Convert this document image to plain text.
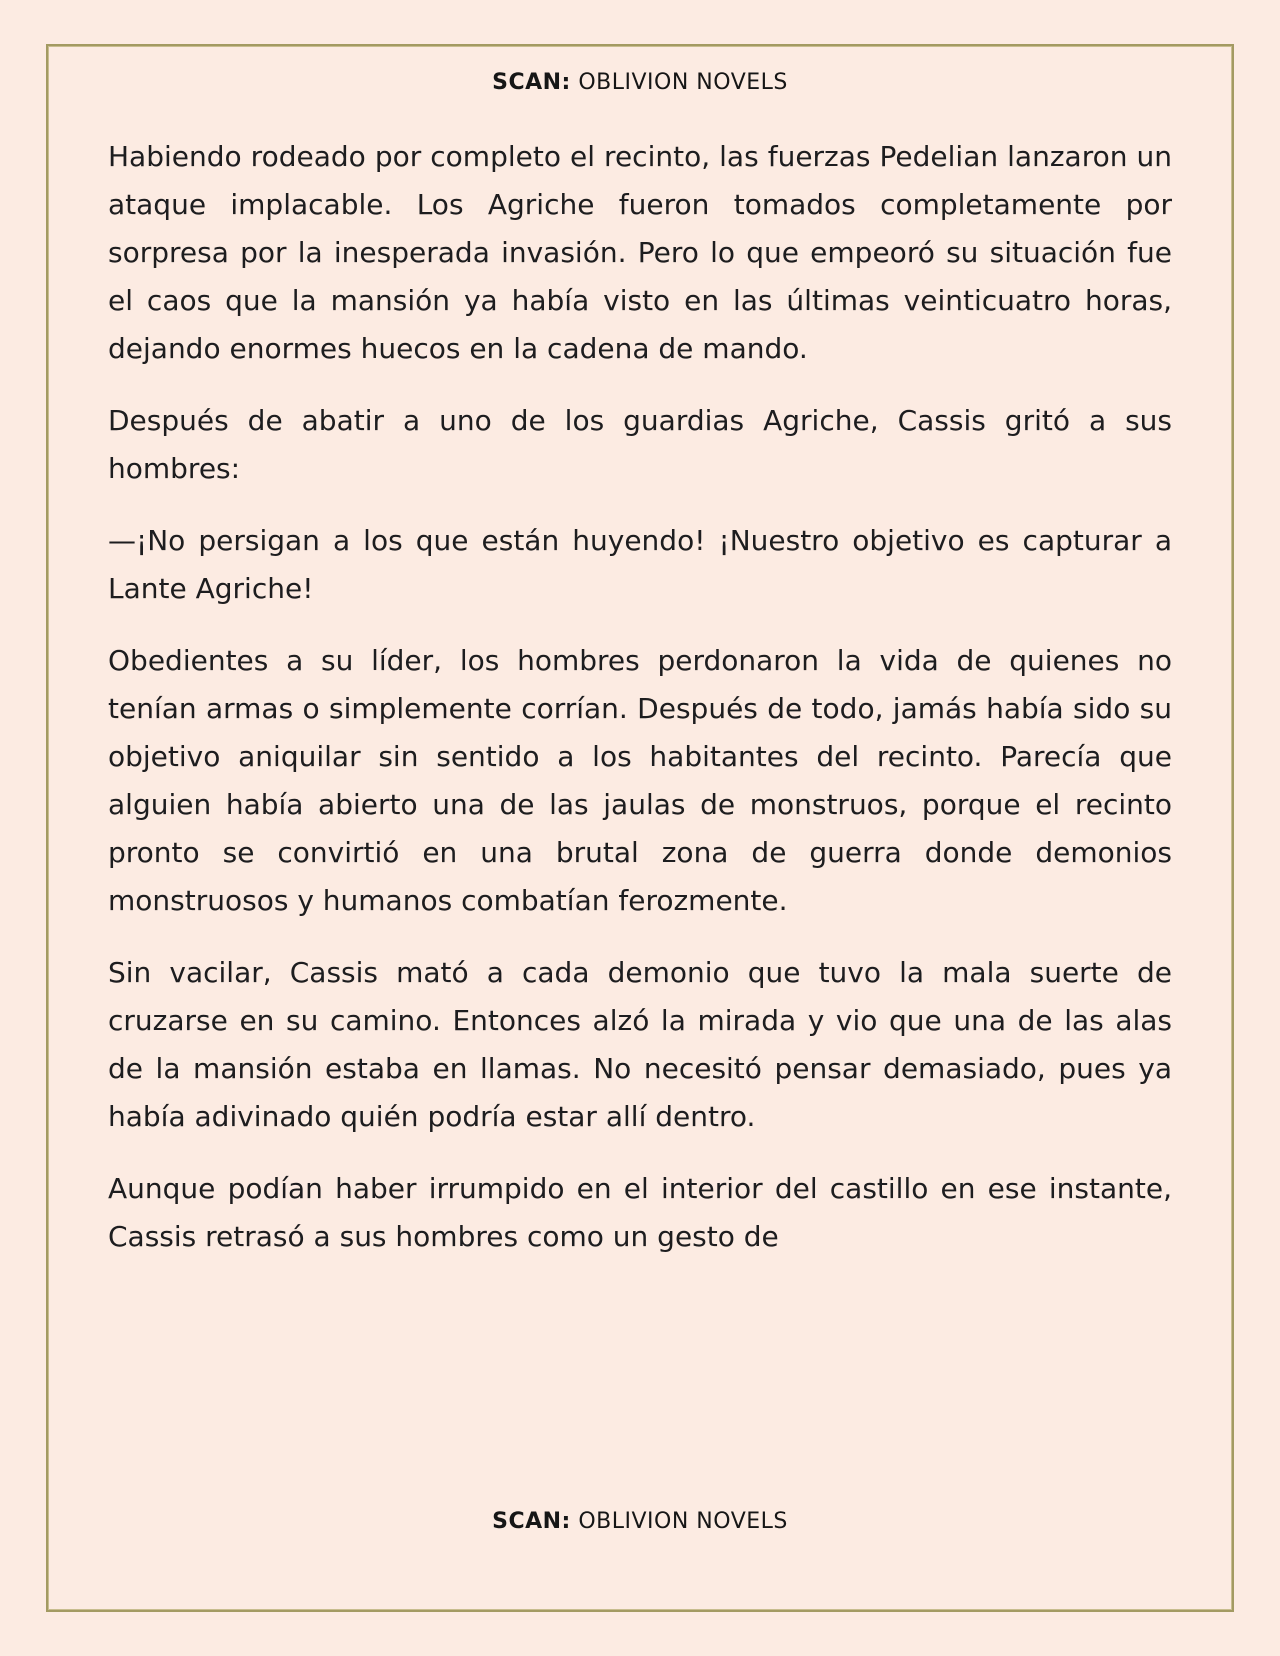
SCAN: OBLIVION NOVELS

Habiendo rodeado por completo el recinto, las fuerzas Pedelian lanzaron un ataque implacable. Los Agriche fueron tomados completamente por sorpresa por la inesperada invasión. Pero lo que empeoró su situación fue el caos que la mansión ya había visto en las últimas veinticuatro horas, dejando enormes huecos en la cadena de mando.

Después de abatir a uno de los guardias Agriche, Cassis gritó a sus hombres:

—¡No persigan a los que están huyendo! ¡Nuestro objetivo es capturar a Lante Agriche!

Obedientes a su líder, los hombres perdonaron la vida de quienes no tenían armas o simplemente corrían. Después de todo, jamás había sido su objetivo aniquilar sin sentido a los habitantes del recinto. Parecía que alguien había abierto una de las jaulas de monstruos, porque el recinto pronto se convirtió en una brutal zona de guerra donde demonios monstruosos y humanos combatían ferozmente.

Sin vacilar, Cassis mató a cada demonio que tuvo la mala suerte de cruzarse en su camino. Entonces alzó la mirada y vio que una de las alas de la mansión estaba en llamas. No necesitó pensar demasiado, pues ya había adivinado quién podría estar allí dentro.

Aunque podían haber irrumpido en el interior del castillo en ese instante, Cassis retrasó a sus hombres como un gesto de

SCAN: OBLIVION NOVELS
